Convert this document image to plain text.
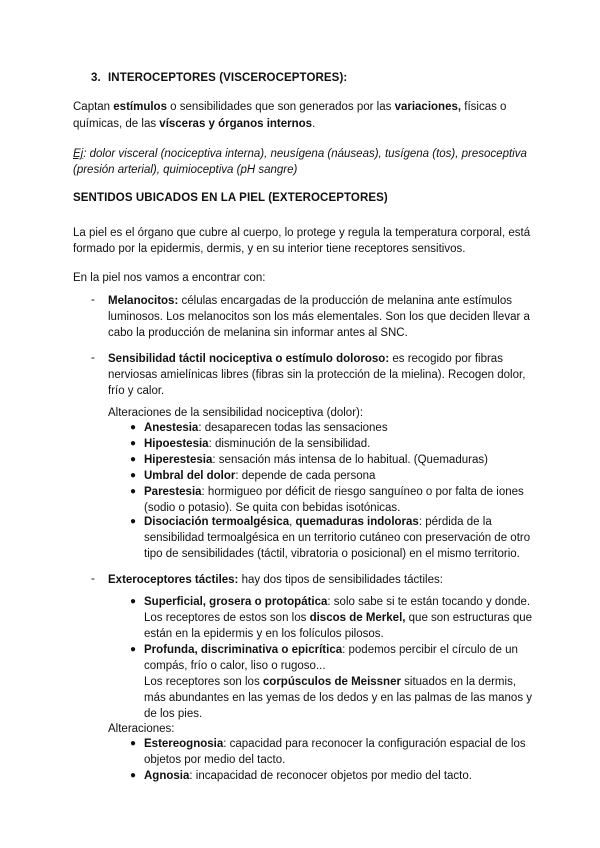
3. INTEROCEPTORES (VISCEROCEPTORES):
Captan estímulos o sensibilidades que son generados por las variaciones, físicas o
químicas, de las vísceras y órganos internos.
Ej: dolor visceral (nociceptiva interna), neusígena (náuseas), tusígena (tos), presoceptiva
(presión arterial), quimioceptiva (pH sangre)
SENTIDOS UBICADOS EN LA PIEL (EXTEROCEPTORES)
La piel es el órgano que cubre al cuerpo, lo protege y regula la temperatura corporal, está
formado por la epidermis, dermis, y en su interior tiene receptores sensitivos.
En la piel nos vamos a encontrar con:
- Melanocitos: células encargadas de la producción de melanina ante estímulos
luminosos. Los melanocitos son los más elementales. Son los que deciden llevar a
cabo la producción de melanina sin informar antes al SNC.
- Sensibilidad táctil nociceptiva o estímulo doloroso: es recogido por fibras
nerviosas amielínicas libres (fibras sin la protección de la mielina). Recogen dolor,
frío y calor.
Alteraciones de la sensibilidad nociceptiva (dolor):
● Anestesia: desaparecen todas las sensaciones
● Hipoestesia: disminución de la sensibilidad.
● Hiperestesia: sensación más intensa de lo habitual. (Quemaduras)
● Umbral del dolor: depende de cada persona
● Parestesia: hormigueo por déficit de riesgo sanguíneo o por falta de iones
(sodio o potasio). Se quita con bebidas isotónicas.
● Disociación termoalgésica, quemaduras indoloras: pérdida de la
sensibilidad termoalgésica en un territorio cutáneo con preservación de otro
tipo de sensibilidades (táctil, vibratoria o posicional) en el mismo territorio.
- Exteroceptores táctiles: hay dos tipos de sensibilidades táctiles:
● Superficial, grosera o protopática: solo sabe si te están tocando y donde.
Los receptores de estos son los discos de Merkel, que son estructuras que
están en la epidermis y en los folículos pilosos.
● Profunda, discriminativa o epicrítica: podemos percibir el círculo de un
compás, frío o calor, liso o rugoso...
Los receptores son los corpúsculos de Meissner situados en la dermis,
más abundantes en las yemas de los dedos y en las palmas de las manos y
de los pies.
Alteraciones:
● Estereognosia: capacidad para reconocer la configuración espacial de los
objetos por medio del tacto.
● Agnosia: incapacidad de reconocer objetos por medio del tacto.
